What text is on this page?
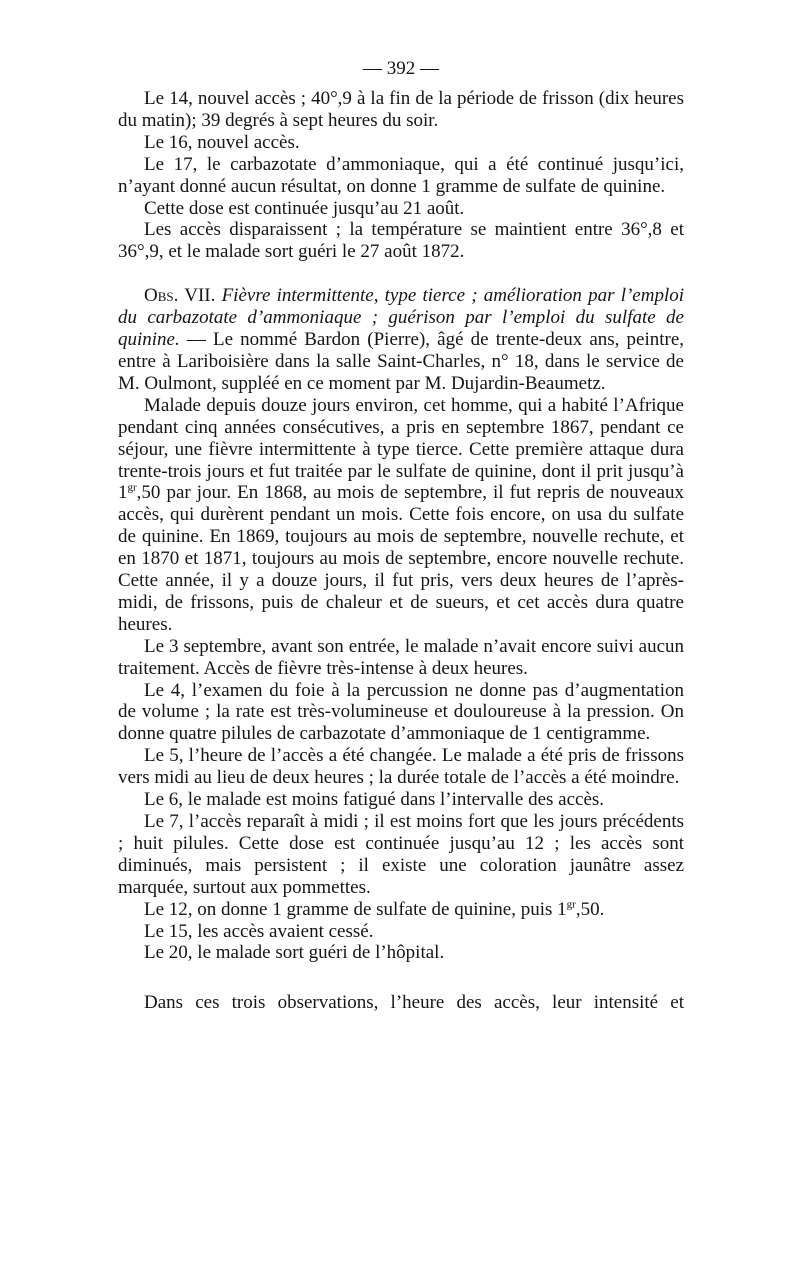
— 392 —

Le 14, nouvel accès ; 40°,9 à la fin de la période de frisson (dix heures du matin); 39 degrés à sept heures du soir.

Le 16, nouvel accès.

Le 17, le carbazotate d’ammoniaque, qui a été continué jusqu’ici, n’ayant donné aucun résultat, on donne 1 gramme de sulfate de quinine.

Cette dose est continuée jusqu’au 21 août.

Les accès disparaissent ; la température se maintient entre 36°,8 et 36°,9, et le malade sort guéri le 27 août 1872.

Obs. VII. Fièvre intermittente, type tierce ; amélioration par l’emploi du carbazotate d’ammoniaque ; guérison par l’emploi du sulfate de quinine. — Le nommé Bardon (Pierre), âgé de trente-deux ans, peintre, entre à Lariboisière dans la salle Saint-Charles, n° 18, dans le service de M. Oulmont, suppléé en ce moment par M. Dujardin-Beaumetz.

Malade depuis douze jours environ, cet homme, qui a habité l’Afrique pendant cinq années consécutives, a pris en septembre 1867, pendant ce séjour, une fièvre intermittente à type tierce. Cette première attaque dura trente-trois jours et fut traitée par le sulfate de quinine, dont il prit jusqu’à $1^{gr},50$ par jour. En 1868, au mois de septembre, il fut repris de nouveaux accès, qui durèrent pendant un mois. Cette fois encore, on usa du sulfate de quinine. En 1869, toujours au mois de septembre, nouvelle rechute, et en 1870 et 1871, toujours au mois de septembre, encore nouvelle rechute. Cette année, il y a douze jours, il fut pris, vers deux heures de l’après-midi, de frissons, puis de chaleur et de sueurs, et cet accès dura quatre heures.

Le 3 septembre, avant son entrée, le malade n’avait encore suivi aucun traitement. Accès de fièvre très-intense à deux heures.

Le 4, l’examen du foie à la percussion ne donne pas d’augmentation de volume ; la rate est très-volumineuse et douloureuse à la pression. On donne quatre pilules de carbazotate d’ammoniaque de 1 centigramme.

Le 5, l’heure de l’accès a été changée. Le malade a été pris de frissons vers midi au lieu de deux heures ; la durée totale de l’accès a été moindre.

Le 6, le malade est moins fatigué dans l’intervalle des accès.

Le 7, l’accès reparaît à midi ; il est moins fort que les jours précédents ; huit pilules. Cette dose est continuée jusqu’au 12 ; les accès sont diminués, mais persistent ; il existe une coloration jaunâtre assez marquée, surtout aux pommettes.

Le 12, on donne 1 gramme de sulfate de quinine, puis $1^{gr},50$.

Le 15, les accès avaient cessé.

Le 20, le malade sort guéri de l’hôpital.

Dans ces trois observations, l’heure des accès, leur intensité et
